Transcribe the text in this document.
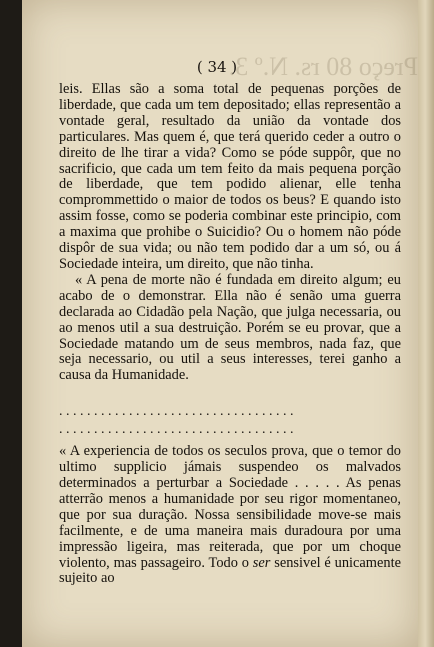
Preço 80 rs. N.º 3.
( 34 )

leis. Ellas são a soma total de pequenas porções de liberdade, que cada um tem depositado; ellas representão a vontade geral, resultado da união da vontade dos particulares. Mas quem é, que terá querido ceder a outro o direito de lhe tirar a vida? Como se póde suppôr, que no sacrificio, que cada um tem feito da mais pequena porção de liberdade, que tem podido alienar, elle tenha comprommettido o maior de todos os beus? E quando isto assim fosse, como se poderia combinar este principio, com a maxima que prohibe o Suicidio? Ou o homem não póde dispôr de sua vida; ou não tem podido dar a um só, ou á Sociedade inteira, um direito, que não tinha.

« A pena de morte não é fundada em direito algum; eu acabo de o demonstrar. Ella não é senão uma guerra declarada ao Cidadão pela Nação, que julga necessaria, ou ao menos util a sua destruição. Porém se eu provar, que a Sociedade matando um de seus membros, nada faz, que seja necessario, ou util a seus interesses, terei ganho a causa da Humanidade.

. . . . . . . . . . . . . . . . . . . . . . . . . . . . . . . . . .
. . . . . . . . . . . . . . . . . . . . . . . . . . . . . . . . . .

« A experiencia de todos os seculos prova, que o temor do ultimo supplicio jámais suspendeo os malvados determinados a perturbar a Sociedade . . . . . As penas atterrão menos a humanidade por seu rigor momentaneo, que por sua duração. Nossa sensibilidade move-se mais facilmente, e de uma maneira mais duradoura por uma impressão ligeira, mas reiterada, que por um choque violento, mas passageiro. Todo o ser sensivel é unicamente sujeito ao
